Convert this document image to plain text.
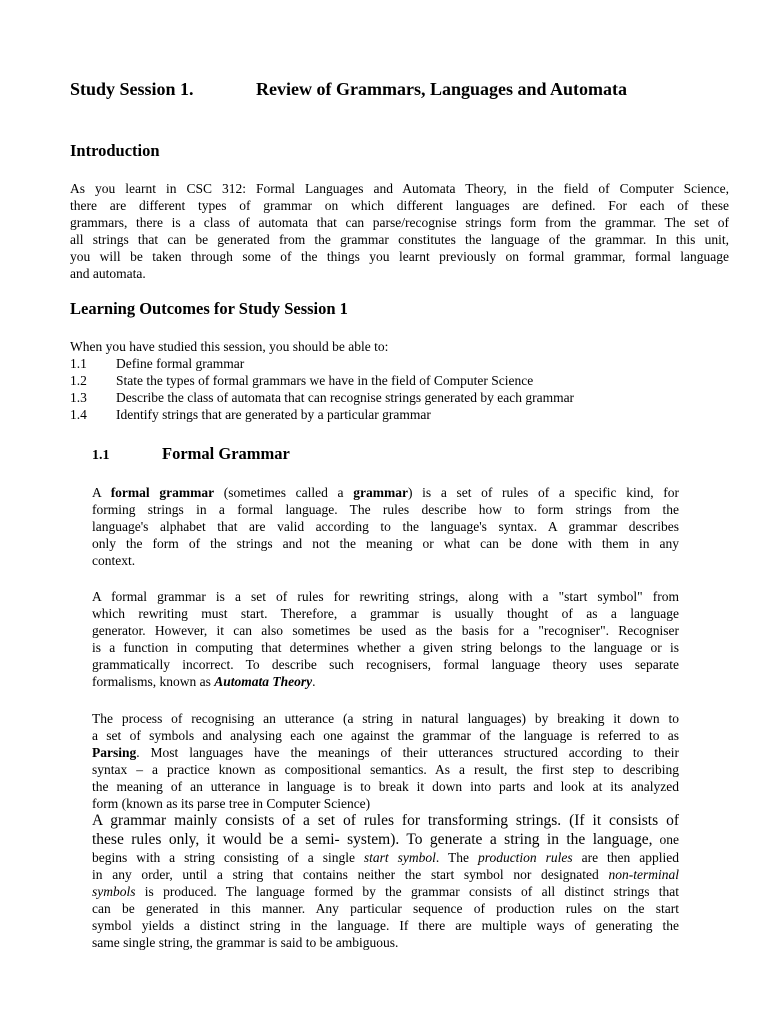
Study Session 1.	Review of Grammars, Languages and Automata
Introduction
As you learnt in CSC 312: Formal Languages and Automata Theory, in the field of Computer Science,
there are different types of grammar on which different languages are defined. For each of these
grammars, there is a class of automata that can parse/recognise strings form from the grammar. The set of
all strings that can be generated from the grammar constitutes the language of the grammar. In this unit,
you will be taken through some of the things you learnt previously on formal grammar, formal language
and automata.
Learning Outcomes for Study Session 1
When you have studied this session, you should be able to:
1.1 Define formal grammar
1.2 State the types of formal grammars we have in the field of Computer Science
1.3 Describe the class of automata that can recognise strings generated by each grammar
1.4 Identify strings that are generated by a particular grammar
1.1	Formal Grammar
A formal grammar (sometimes called a grammar) is a set of rules of a specific kind, for
forming strings in a formal language. The rules describe how to form strings from the
language's alphabet that are valid according to the language's syntax. A grammar describes
only the form of the strings and not the meaning or what can be done with them in any
context.
A formal grammar is a set of rules for rewriting strings, along with a "start symbol" from
which rewriting must start. Therefore, a grammar is usually thought of as a language
generator. However, it can also sometimes be used as the basis for a "recogniser". Recogniser
is a function in computing that determines whether a given string belongs to the language or is
grammatically incorrect. To describe such recognisers, formal language theory uses separate
formalisms, known as Automata Theory.
The process of recognising an utterance (a string in natural languages) by breaking it down to
a set of symbols and analysing each one against the grammar of the language is referred to as
Parsing. Most languages have the meanings of their utterances structured according to their
syntax – a practice known as compositional semantics. As a result, the first step to describing
the meaning of an utterance in language is to break it down into parts and look at its analyzed
form (known as its parse tree in Computer Science)
A grammar mainly consists of a set of rules for transforming strings. (If it consists of
these rules only, it would be a semi- system). To generate a string in the language, one
begins with a string consisting of a single start symbol. The production rules are then applied
in any order, until a string that contains neither the start symbol nor designated non-terminal
symbols is produced. The language formed by the grammar consists of all distinct strings that
can be generated in this manner. Any particular sequence of production rules on the start
symbol yields a distinct string in the language. If there are multiple ways of generating the
same single string, the grammar is said to be ambiguous.
